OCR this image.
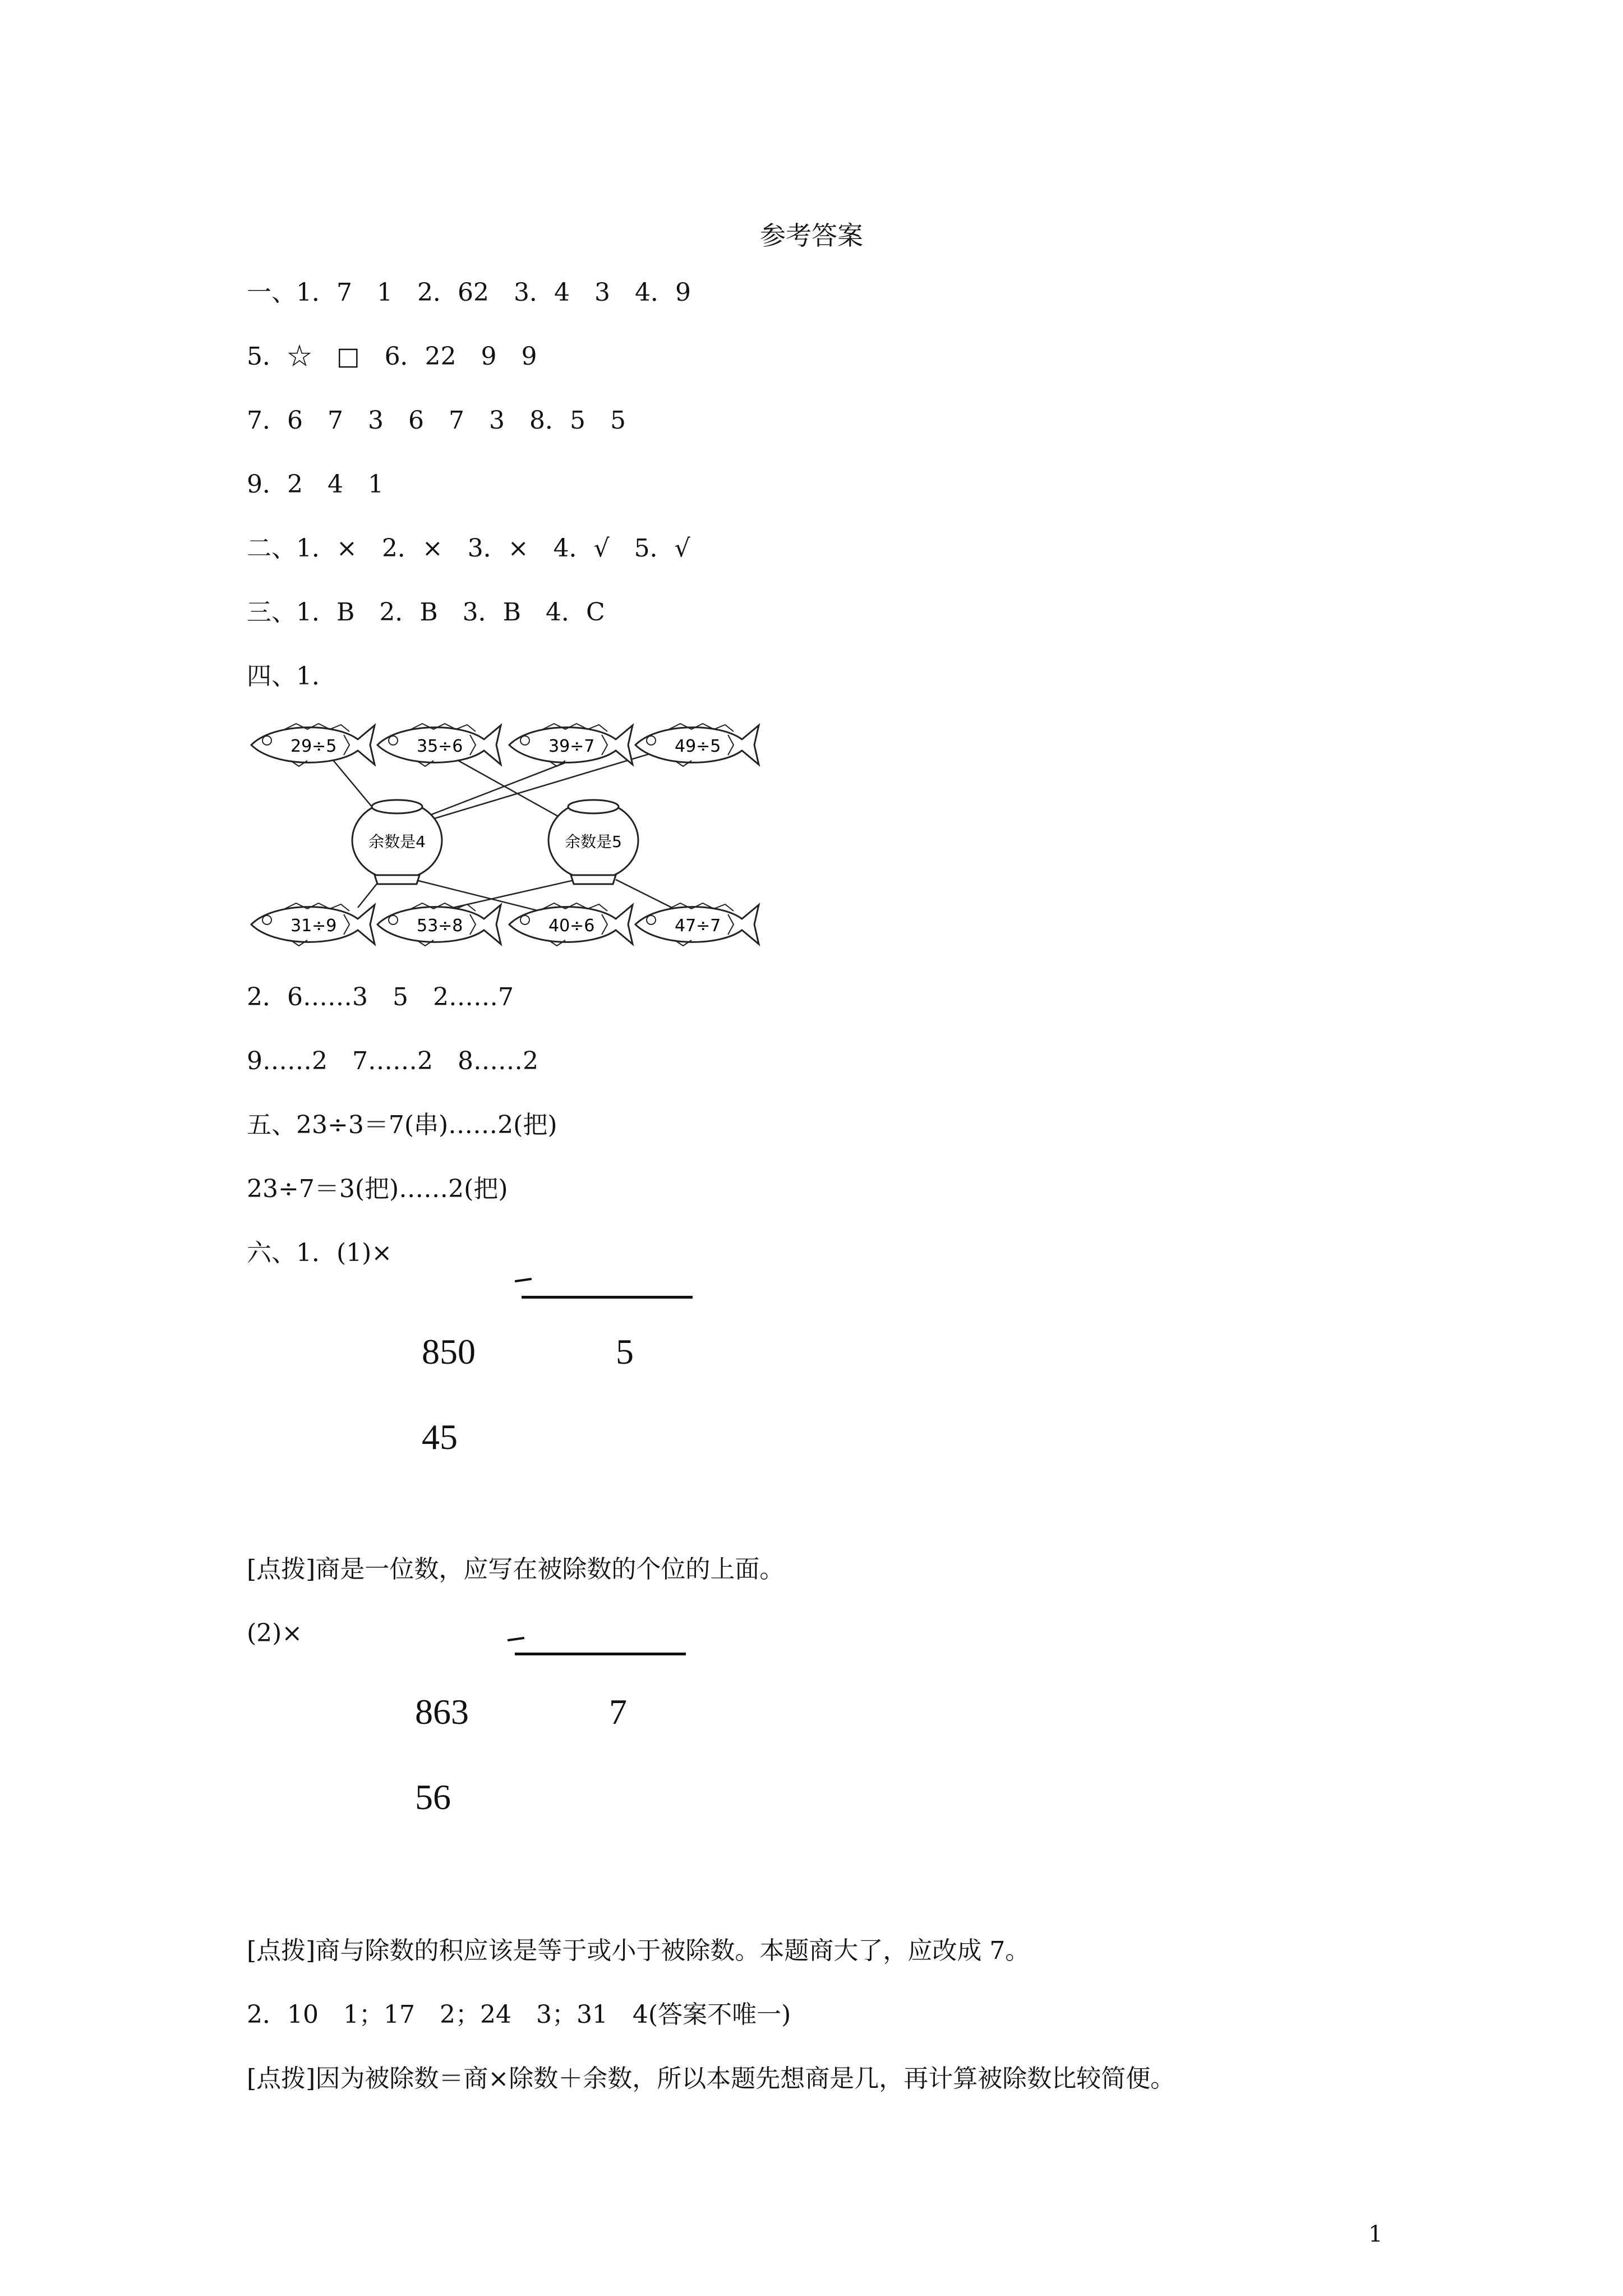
参考答案
一、1．7　1　2．62　3．4　3　4．9
5．☆　□　6．22　9　9
7．6　7　3　6　7　3　8．5　5
9．2　4　1
二、1．×　2．×　3．×　4．√　5．√
三、1．B　2．B　3．B　4．C
四、1．
29÷5	35÷6	39÷7	49÷5
余数是4	余数是5
31÷9	53÷8	40÷6	47÷7
2．6……3　5　2……7
9……2　7……2　8……2
五、23÷3＝7(串)……2(把)
23÷7＝3(把)……2(把)
六、1．(1)×
850	5
45
[点拨]商是一位数，应写在被除数的个位的上面。
(2)×
863	7
56
[点拨]商与除数的积应该是等于或小于被除数。本题商大了，应改成 7。
2．10　1；17　2；24　3；31　4(答案不唯一)
[点拨]因为被除数＝商×除数＋余数，所以本题先想商是几，再计算被除数比较简便。
1
